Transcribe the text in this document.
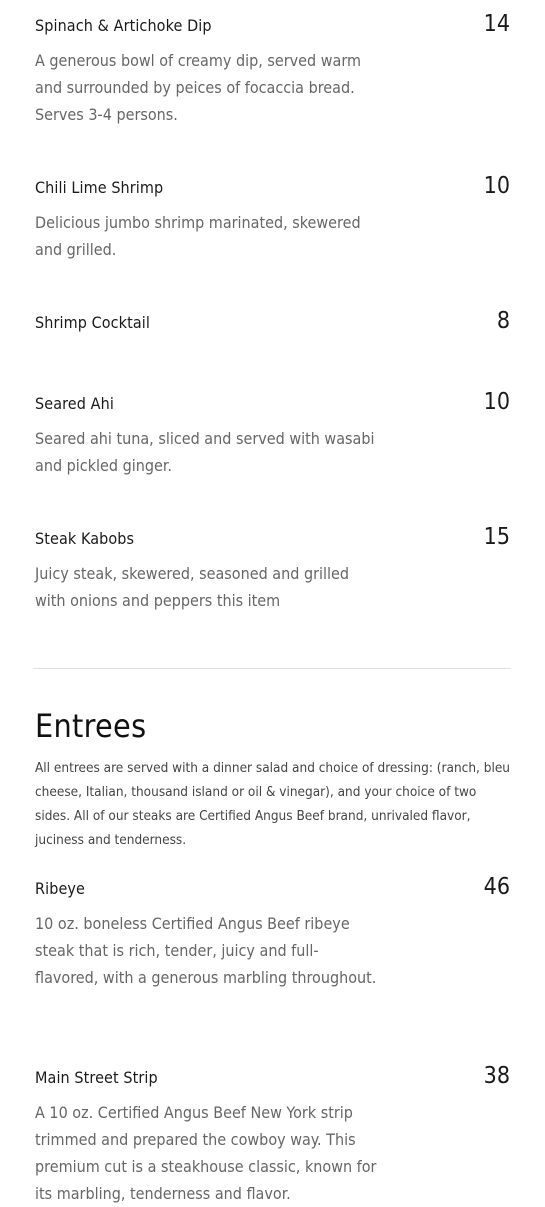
Spinach & Artichoke Dip	14
A generous bowl of creamy dip, served warm and surrounded by peices of focaccia bread. Serves 3-4 persons.
Chili Lime Shrimp	10
Delicious jumbo shrimp marinated, skewered and grilled.
Shrimp Cocktail	8
Seared Ahi	10
Seared ahi tuna, sliced and served with wasabi and pickled ginger.
Steak Kabobs	15
Juicy steak, skewered, seasoned and grilled with onions and peppers this item
Entrees
All entrees are served with a dinner salad and choice of dressing: (ranch, bleu cheese, Italian, thousand island or oil & vinegar), and your choice of two sides. All of our steaks are Certified Angus Beef brand, unrivaled flavor, juciness and tenderness.
Ribeye	46
10 oz. boneless Certified Angus Beef ribeye steak that is rich, tender, juicy and full-flavored, with a generous marbling throughout.
Main Street Strip	38
A 10 oz. Certified Angus Beef New York strip trimmed and prepared the cowboy way. This premium cut is a steakhouse classic, known for its marbling, tenderness and flavor.
